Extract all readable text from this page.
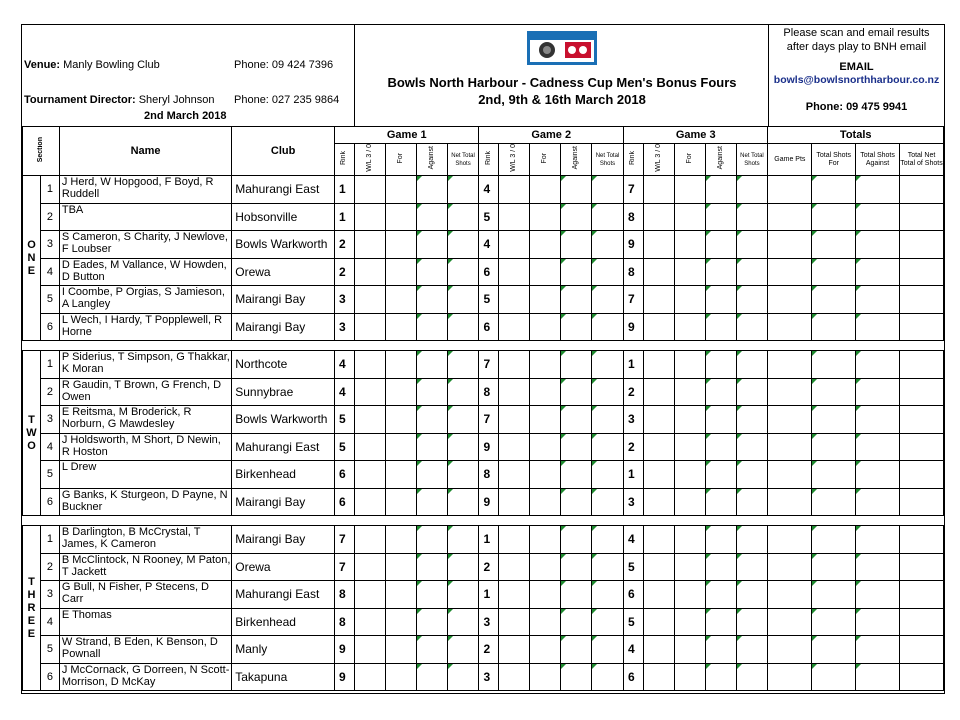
Venue: Manly Bowling Club	Phone: 09 424 7396
Tournament Director: Sheryl Johnson Phone: 027 235 9864
2nd March 2018
Bowls North Harbour - Cadness Cup Men's Bonus Fours
2nd, 9th & 16th March 2018
Please scan and email results
after days play to BNH email
EMAIL
bowls@bowlsnorthharbour.co.nz
Phone: 09 475 9941
Section		Name	Club	Game 1					Game 2					Game 3					Totals			
				Rink	W/L 3 / 0	For	Against	Net Total Shots	Rink	W/L 3 / 0	For	Against	Net Total Shots	Rink	W/L 3 / 0	For	Against	Net Total Shots	Game Pts	Total Shots For	Total Shots Against	Total Net Total of Shots

O
N
E	1	J Herd, W Hopgood, F Boyd, R Ruddell	Mahurangi East	1					4					7								
	2	TBA	Hobsonville	1					5					8								
	3	S Cameron, S Charity, J Newlove, F Loubser	Bowls Warkworth	2					4					9								
	4	D Eades, M Vallance, W Howden, D Button	Orewa	2					6					8								
	5	I Coombe, P Orgias, S Jamieson, A Langley	Mairangi Bay	3					5					7								
	6	L Wech, I Hardy, T Popplewell, R Horne	Mairangi Bay	3					6					9								

T
W
O	1	P Siderius, T Simpson, G Thakkar, K Moran	Northcote	4					7					1								
	2	R Gaudin, T Brown, G French, D Owen	Sunnybrae	4					8					2								
	3	E Reitsma, M Broderick, R Norburn, G Mawdesley	Bowls Warkworth	5					7					3								
	4	J Holdsworth, M Short, D Newin, R Hoston	Mahurangi East	5					9					2								
	5	L Drew	Birkenhead	6					8					1								
	6	G Banks, K Sturgeon, D Payne, N Buckner	Mairangi Bay	6					9					3								

T
H
R
E
E	1	B Darlington, B McCrystal, T James, K Cameron	Mairangi Bay	7					1					4								
	2	B McClintock, N Rooney, M Paton, T Jackett	Orewa	7					2					5								
	3	G Bull, N Fisher, P Stecens, D Carr	Mahurangi East	8					1					6								
	4	E Thomas	Birkenhead	8					3					5								
	5	W Strand, B Eden, K Benson, D Pownall	Manly	9					2					4								
	6	J McCornack, G Dorreen, N Scott-Morrison, D McKay	Takapuna	9					3					6								
